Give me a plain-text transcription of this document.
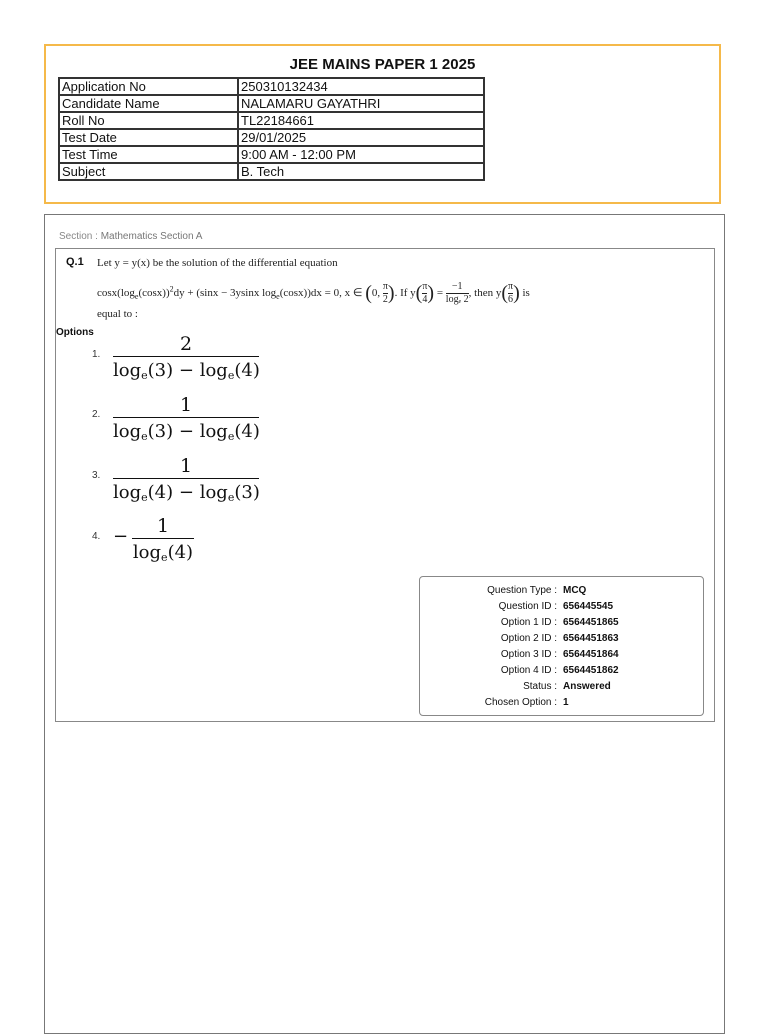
JEE MAINS PAPER 1 2025
Application No	250310132434
Candidate Name	NALAMARU GAYATHRI
Roll No	TL22184661
Test Date	29/01/2025
Test Time	9:00 AM - 12:00 PM
Subject	B. Tech
Section : Mathematics Section A
Q.1 Let y = y(x) be the solution of the differential equation
$\cos x(\log_e(\cos x))^2dy + (\sin x - 3ysinx$ $\log_e(\cos x))dx = 0$, x ∈ (0, $\frac{\pi}{2}$). If $y(\frac{\pi}{4}) = \frac{-1}{\text{logₑ 2}}$, then $y(\frac{\pi}{6})$ is
equal to :
Options
1.	2
$\log_e(3) - \log_e(4)$
2.	1
$\log_e(3) - \log_e(4)$
3.	1
$\log_e(4) - \log_e(3)$
4. −	1
$\log_e(4)$
Question Type : MCQ
Question ID : 656445545
Option 1 ID : 6564451865
Option 2 ID : 6564451863
Option 3 ID : 6564451864
Option 4 ID : 6564451862
Status : Answered
Chosen Option : 1
